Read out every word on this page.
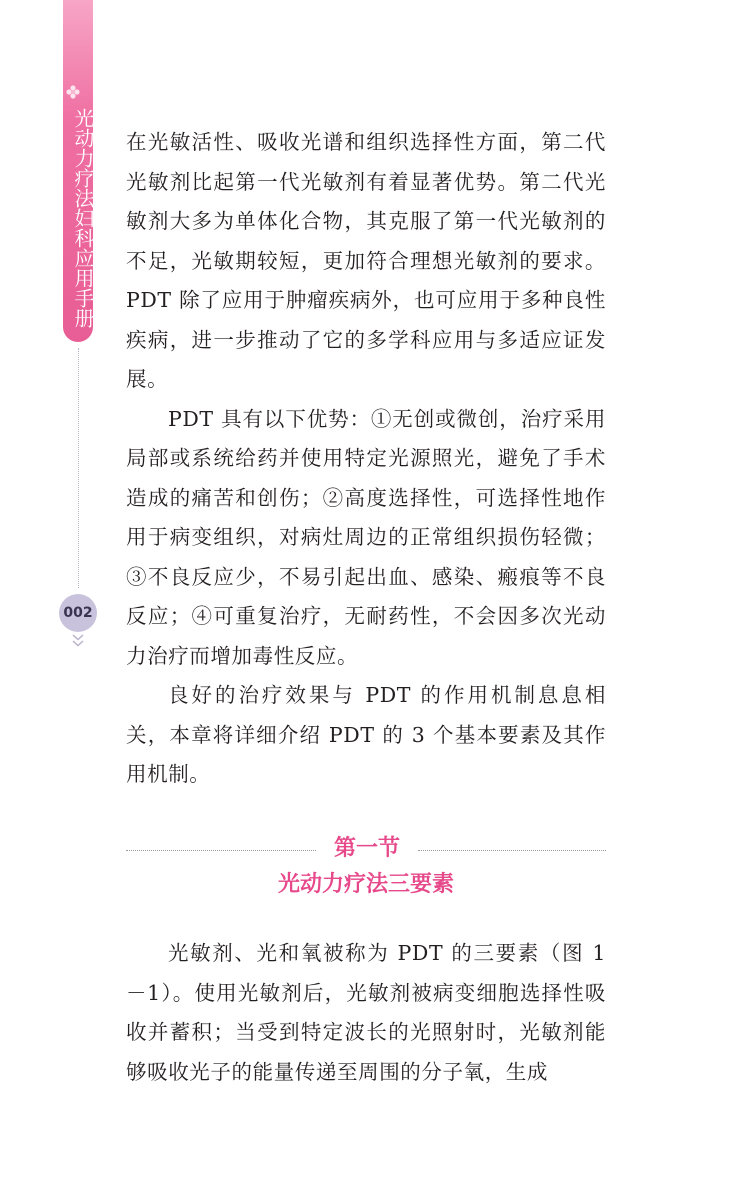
光动力疗法妇科应用手册
002

在光敏活性、吸收光谱和组织选择性方面，第二代光敏剂比起第一代光敏剂有着显著优势。第二代光敏剂大多为单体化合物，其克服了第一代光敏剂的不足，光敏期较短，更加符合理想光敏剂的要求。PDT 除了应用于肿瘤疾病外，也可应用于多种良性疾病，进一步推动了它的多学科应用与多适应证发展。

PDT 具有以下优势：①无创或微创，治疗采用局部或系统给药并使用特定光源照光，避免了手术造成的痛苦和创伤；②高度选择性，可选择性地作用于病变组织，对病灶周边的正常组织损伤轻微；③不良反应少，不易引起出血、感染、瘢痕等不良反应；④可重复治疗，无耐药性，不会因多次光动力治疗而增加毒性反应。

良好的治疗效果与 PDT 的作用机制息息相关，本章将详细介绍 PDT 的 3 个基本要素及其作用机制。

第一节
光动力疗法三要素

光敏剂、光和氧被称为 PDT 的三要素（图 1－1）。使用光敏剂后，光敏剂被病变细胞选择性吸收并蓄积；当受到特定波长的光照射时，光敏剂能够吸收光子的能量传递至周围的分子氧，生成
